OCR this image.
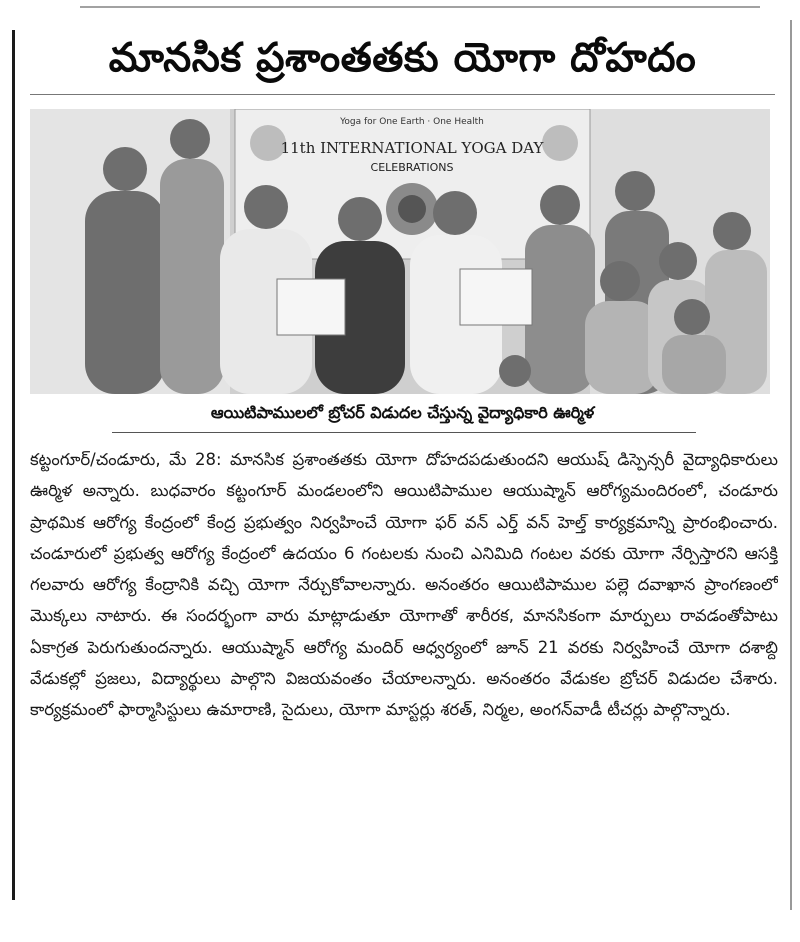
మానసిక ప్రశాంతతకు యోగా దోహదం
Yoga for One Earth · One Health
11th INTERNATIONAL YOGA DAY
CELEBRATIONS
ఆయిటిపాములలో బ్రోచర్ విడుదల చేస్తున్న వైద్యాధికారి ఊర్మిళ
కట్టంగూర్/చండూరు, మే 28: మానసిక ప్రశాంతతకు యోగా దోహదపడుతుందని ఆయుష్ డిస్పెన్సరీ వైద్యాధికారులు ఊర్మిళ అన్నారు. బుధవారం కట్టంగూర్ మండలంలోని ఆయిటిపాముల ఆయుష్మాన్ ఆరోగ్యమందిరంలో, చండూరు ప్రాథమిక ఆరోగ్య కేంద్రంలో కేంద్ర ప్రభుత్వం నిర్వహించే యోగా ఫర్ వన్ ఎర్త్ వన్ హెల్త్ కార్యక్రమాన్ని ప్రారంభించారు. చండూరులో ప్రభుత్వ ఆరోగ్య కేంద్రంలో ఉదయం 6 గంటలకు నుంచి ఎనిమిది గంటల వరకు యోగా నేర్పిస్తారని ఆసక్తి గలవారు ఆరోగ్య కేంద్రానికి వచ్చి యోగా నేర్చుకోవాలన్నారు. అనంతరం ఆయిటిపాముల పల్లె దవాఖాన ప్రాంగణంలో మొక్కలు నాటారు. ఈ సందర్భంగా వారు మాట్లాడుతూ యోగాతో శారీరక, మానసికంగా మార్పులు రావడంతోపాటు ఏకాగ్రత పెరుగుతుందన్నారు. ఆయుష్మాన్ ఆరోగ్య మందిర్ ఆధ్వర్యంలో జూన్ 21 వరకు నిర్వహించే యోగా దశాబ్ది వేడుకల్లో ప్రజలు, విద్యార్థులు పాల్గొని విజయవంతం చేయాలన్నారు. అనంతరం వేడుకల బ్రోచర్ విడుదల చేశారు. కార్యక్రమంలో ఫార్మాసిస్టులు ఉమారాణి, సైదులు, యోగా మాస్టర్లు శరత్, నిర్మల, అంగన్‌వాడీ టీచర్లు పాల్గొన్నారు.
